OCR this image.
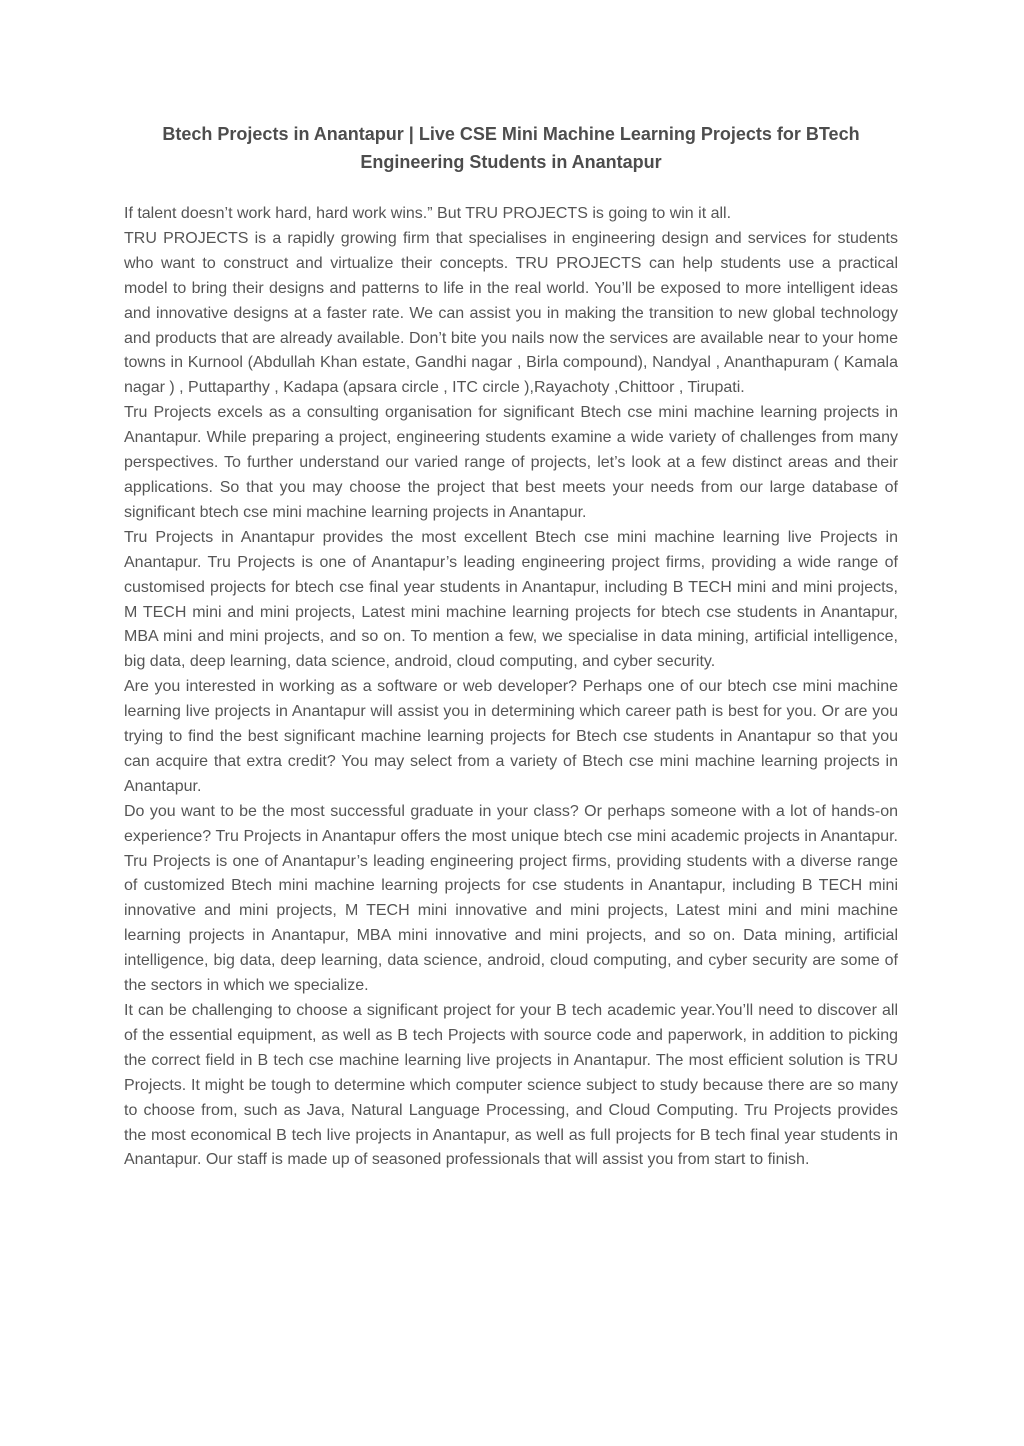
Btech Projects in Anantapur | Live CSE Mini Machine Learning Projects for BTech Engineering Students in Anantapur

If talent doesn’t work hard, hard work wins.” But TRU PROJECTS is going to win it all.

TRU PROJECTS is a rapidly growing firm that specialises in engineering design and services for students who want to construct and virtualize their concepts. TRU PROJECTS can help students use a practical model to bring their designs and patterns to life in the real world. You’ll be exposed to more intelligent ideas and innovative designs at a faster rate. We can assist you in making the transition to new global technology and products that are already available. Don’t bite you nails now the services are available near to your home towns in Kurnool (Abdullah Khan estate, Gandhi nagar , Birla compound), Nandyal , Ananthapuram ( Kamala nagar ) , Puttaparthy , Kadapa (apsara circle , ITC circle ),Rayachoty ,Chittoor , Tirupati.

Tru Projects excels as a consulting organisation for significant Btech cse mini machine learning projects in Anantapur. While preparing a project, engineering students examine a wide variety of challenges from many perspectives. To further understand our varied range of projects, let’s look at a few distinct areas and their applications. So that you may choose the project that best meets your needs from our large database of significant btech cse mini machine learning projects in Anantapur.

Tru Projects in Anantapur provides the most excellent Btech cse mini machine learning live Projects in Anantapur. Tru Projects is one of Anantapur’s leading engineering project firms, providing a wide range of customised projects for btech cse final year students in Anantapur, including B TECH mini and mini projects, M TECH mini and mini projects, Latest mini machine learning projects for btech cse students in Anantapur, MBA mini and mini projects, and so on. To mention a few, we specialise in data mining, artificial intelligence, big data, deep learning, data science, android, cloud computing, and cyber security.

Are you interested in working as a software or web developer? Perhaps one of our btech cse mini machine learning live projects in Anantapur will assist you in determining which career path is best for you. Or are you trying to find the best significant machine learning projects for Btech cse students in Anantapur so that you can acquire that extra credit? You may select from a variety of Btech cse mini machine learning projects in Anantapur.

Do you want to be the most successful graduate in your class? Or perhaps someone with a lot of hands-on experience? Tru Projects in Anantapur offers the most unique btech cse mini academic projects in Anantapur. Tru Projects is one of Anantapur’s leading engineering project firms, providing students with a diverse range of customized Btech mini machine learning projects for cse students in Anantapur, including B TECH mini innovative and mini projects, M TECH mini innovative and mini projects, Latest mini and mini machine learning projects in Anantapur, MBA mini innovative and mini projects, and so on. Data mining, artificial intelligence, big data, deep learning, data science, android, cloud computing, and cyber security are some of the sectors in which we specialize.

It can be challenging to choose a significant project for your B tech academic year.You’ll need to discover all of the essential equipment, as well as B tech Projects with source code and paperwork, in addition to picking the correct field in B tech cse machine learning live projects in Anantapur. The most efficient solution is TRU Projects. It might be tough to determine which computer science subject to study because there are so many to choose from, such as Java, Natural Language Processing, and Cloud Computing. Tru Projects provides the most economical B tech live projects in Anantapur, as well as full projects for B tech final year students in Anantapur. Our staff is made up of seasoned professionals that will assist you from start to finish.
